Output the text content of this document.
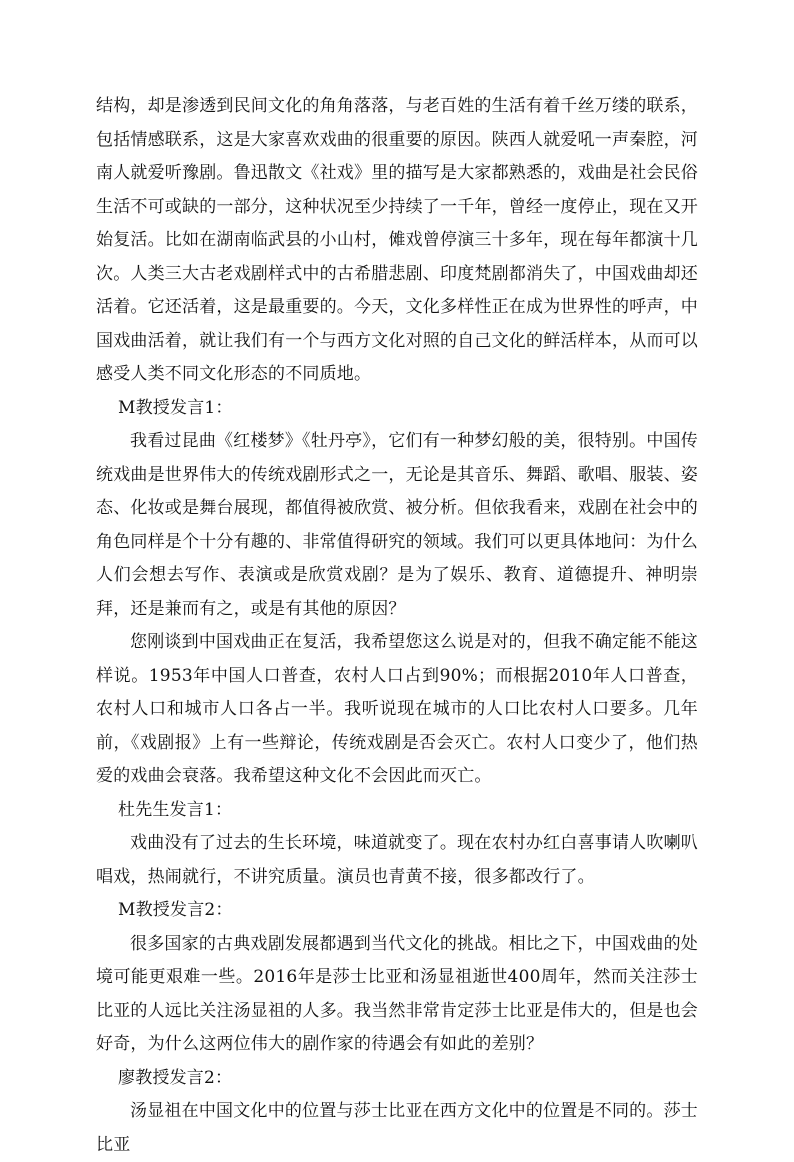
结构，却是渗透到民间文化的角角落落，与老百姓的生活有着千丝万缕的联系，包括情感联系，这是大家喜欢戏曲的很重要的原因。陕西人就爱吼一声秦腔，河南人就爱听豫剧。鲁迅散文《社戏》里的描写是大家都熟悉的，戏曲是社会民俗生活不可或缺的一部分，这种状况至少持续了一千年，曾经一度停止，现在又开始复活。比如在湖南临武县的小山村，傩戏曾停演三十多年，现在每年都演十几次。人类三大古老戏剧样式中的古希腊悲剧、印度梵剧都消失了，中国戏曲却还活着。它还活着，这是最重要的。今天，文化多样性正在成为世界性的呼声，中国戏曲活着，就让我们有一个与西方文化对照的自己文化的鲜活样本，从而可以感受人类不同文化形态的不同质地。

M教授发言1：

我看过昆曲《红楼梦》《牡丹亭》，它们有一种梦幻般的美，很特别。中国传统戏曲是世界伟大的传统戏剧形式之一，无论是其音乐、舞蹈、歌唱、服装、姿态、化妆或是舞台展现，都值得被欣赏、被分析。但依我看来，戏剧在社会中的角色同样是个十分有趣的、非常值得研究的领域。我们可以更具体地问：为什么人们会想去写作、表演或是欣赏戏剧？是为了娱乐、教育、道德提升、神明崇拜，还是兼而有之，或是有其他的原因？

您刚谈到中国戏曲正在复活，我希望您这么说是对的，但我不确定能不能这样说。1953年中国人口普查，农村人口占到90%；而根据2010年人口普查，农村人口和城市人口各占一半。我听说现在城市的人口比农村人口要多。几年前，《戏剧报》上有一些辩论，传统戏剧是否会灭亡。农村人口变少了，他们热爱的戏曲会衰落。我希望这种文化不会因此而灭亡。

杜先生发言1：

戏曲没有了过去的生长环境，味道就变了。现在农村办红白喜事请人吹喇叭唱戏，热闹就行，不讲究质量。演员也青黄不接，很多都改行了。

M教授发言2：

很多国家的古典戏剧发展都遇到当代文化的挑战。相比之下，中国戏曲的处境可能更艰难一些。2016年是莎士比亚和汤显祖逝世400周年，然而关注莎士比亚的人远比关注汤显祖的人多。我当然非常肯定莎士比亚是伟大的，但是也会好奇，为什么这两位伟大的剧作家的待遇会有如此的差别？

廖教授发言2：

汤显祖在中国文化中的位置与莎士比亚在西方文化中的位置是不同的。莎士比亚
